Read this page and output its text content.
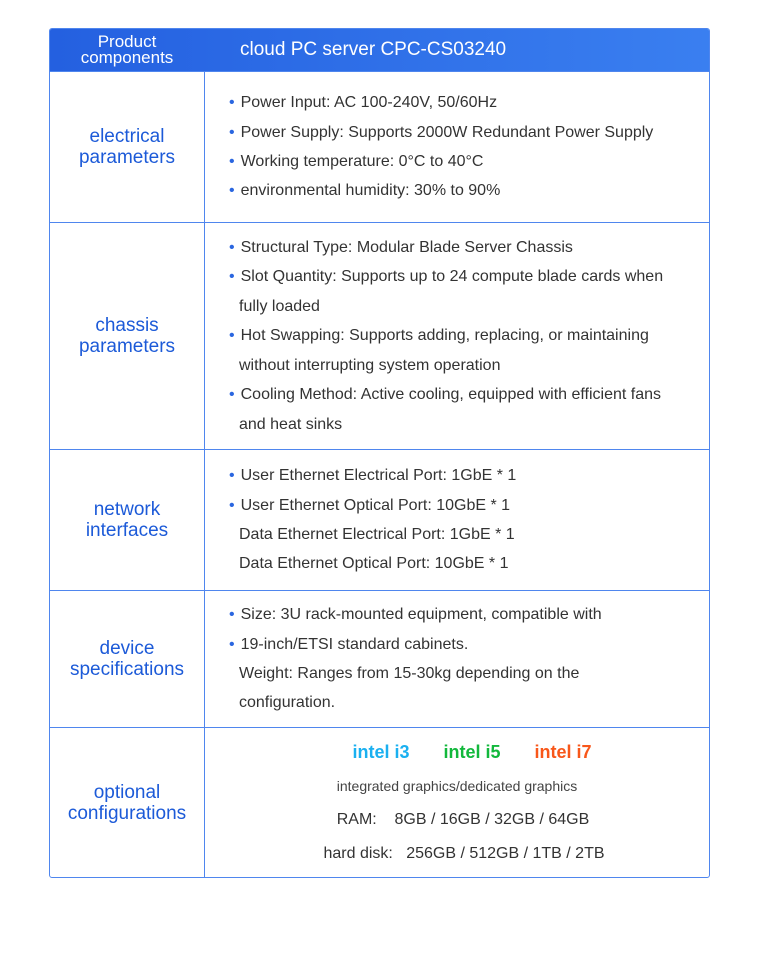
Product components	cloud PC server CPC-CS03240
electrical parameters
• Power Input: AC 100-240V, 50/60Hz
• Power Supply: Supports 2000W Redundant Power Supply
• Working temperature: 0°C to 40°C
• environmental humidity: 30% to 90%
chassis parameters
• Structural Type: Modular Blade Server Chassis
• Slot Quantity: Supports up to 24 compute blade cards when
fully loaded
• Hot Swapping: Supports adding, replacing, or maintaining
without interrupting system operation
• Cooling Method: Active cooling, equipped with efficient fans
and heat sinks
network interfaces
• User Ethernet Electrical Port: 1GbE * 1
• User Ethernet Optical Port: 10GbE * 1
Data Ethernet Electrical Port: 1GbE * 1
Data Ethernet Optical Port: 10GbE * 1
device specifications
• Size: 3U rack-mounted equipment, compatible with
• 19-inch/ETSI standard cabinets.
Weight: Ranges from 15-30kg depending on the
configuration.
optional configurations
intel i3 intel i5 intel i7
integrated graphics/dedicated graphics
RAM:    8GB / 16GB / 32GB / 64GB
hard disk:   256GB / 512GB / 1TB / 2TB
